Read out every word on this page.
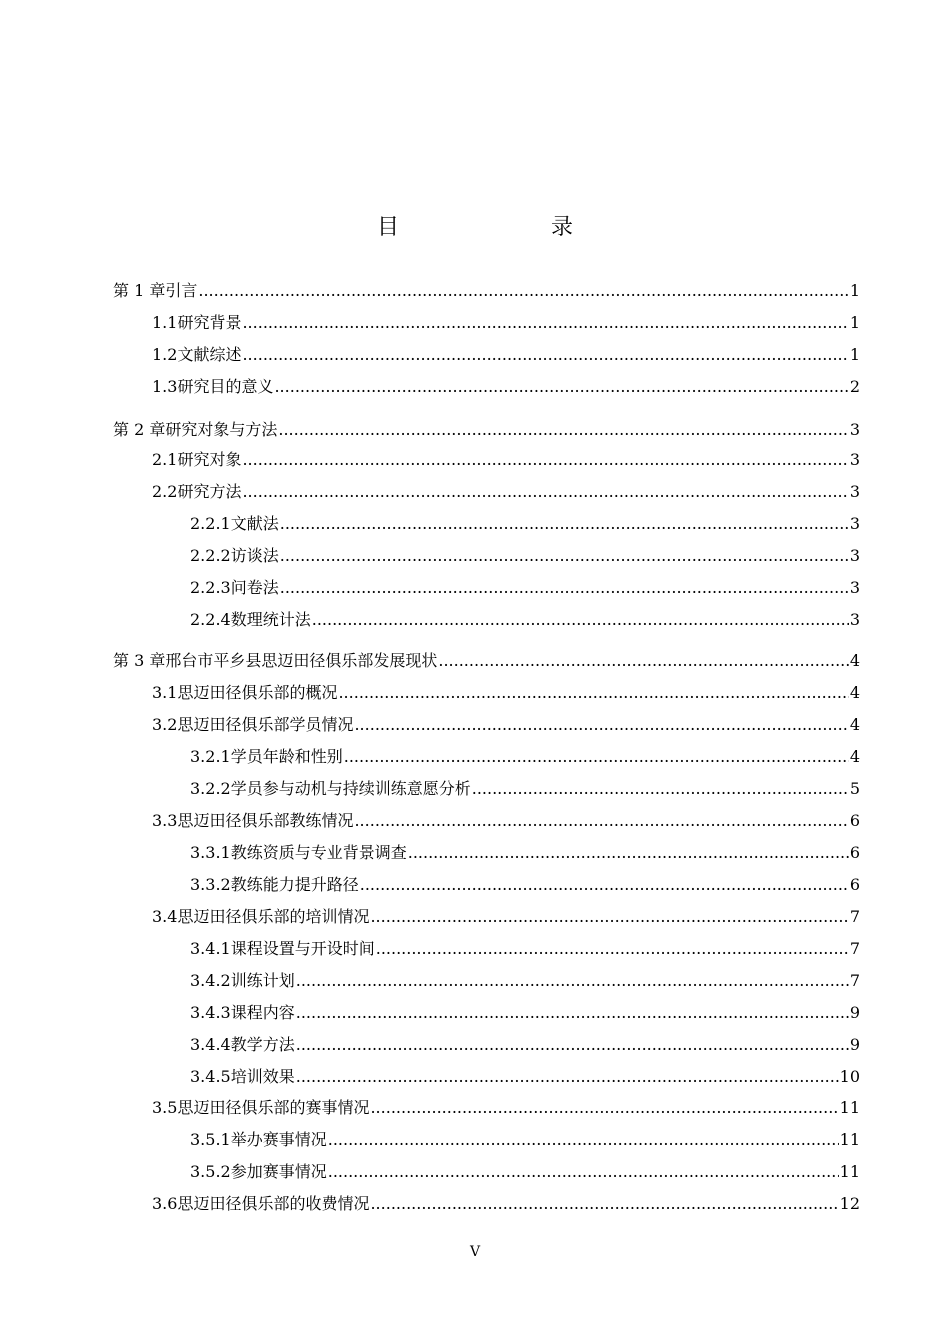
目　　录
第 1 章 引言 .....	1
1.1 研究背景 .....	1
1.2 文献综述 .....	1
1.3 研究目的意义 .....	2
第 2 章 研究对象与方法 .....	3
2.1 研究对象 .....	3
2.2 研究方法 .....	3
2.2.1 文献法 .....	3
2.2.2 访谈法 .....	3
2.2.3 问卷法 .....	3
2.2.4 数理统计法 .....	3
第 3 章 邢台市平乡县思迈田径俱乐部发展现状 .....	4
3.1 思迈田径俱乐部的概况 .....	4
3.2 思迈田径俱乐部学员情况 .....	4
3.2.1 学员年龄和性别 .....	4
3.2.2 学员参与动机与持续训练意愿分析 .....	5
3.3 思迈田径俱乐部教练情况 .....	6
3.3.1 教练资质与专业背景调查 .....	6
3.3.2 教练能力提升路径 .....	6
3.4 思迈田径俱乐部的培训情况 .....	7
3.4.1 课程设置与开设时间 .....	7
3.4.2 训练计划 .....	7
3.4.3 课程内容 .....	9
3.4.4 教学方法 .....	9
3.4.5 培训效果 .....	10
3.5 思迈田径俱乐部的赛事情况 .....	11
3.5.1 举办赛事情况 .....	11
3.5.2 参加赛事情况 .....	11
3.6 思迈田径俱乐部的收费情况 .....	12
V
